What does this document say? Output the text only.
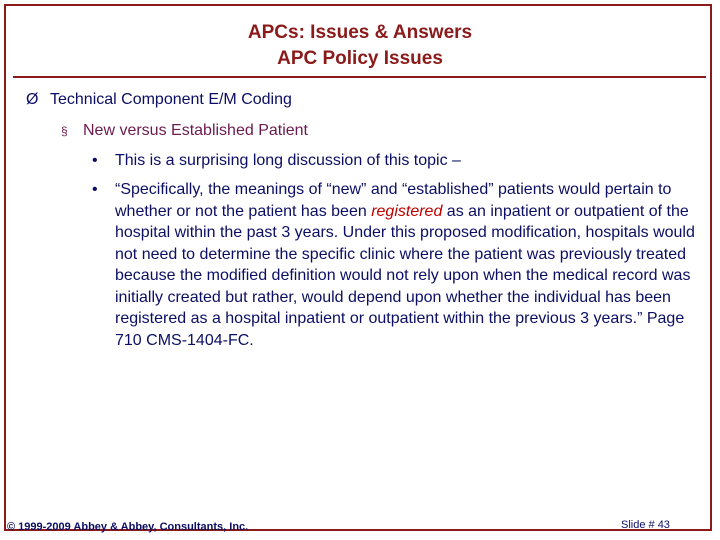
APCs: Issues & Answers
APC Policy Issues
Ø Technical Component E/M Coding
§ New versus Established Patient
• This is a surprising long discussion of this topic –
• “Specifically, the meanings of “new” and “established” patients would pertain to whether or not the patient has been registered as an inpatient or outpatient of the hospital within the past 3 years. Under this proposed modification, hospitals would not need to determine the specific clinic where the patient was previously treated because the modified definition would not rely upon when the medical record was initially created but rather, would depend upon whether the individual has been registered as a hospital inpatient or outpatient within the previous 3 years.” Page 710 CMS-1404-FC.
© 1999-2009 Abbey & Abbey, Consultants, Inc.	Slide # 43
